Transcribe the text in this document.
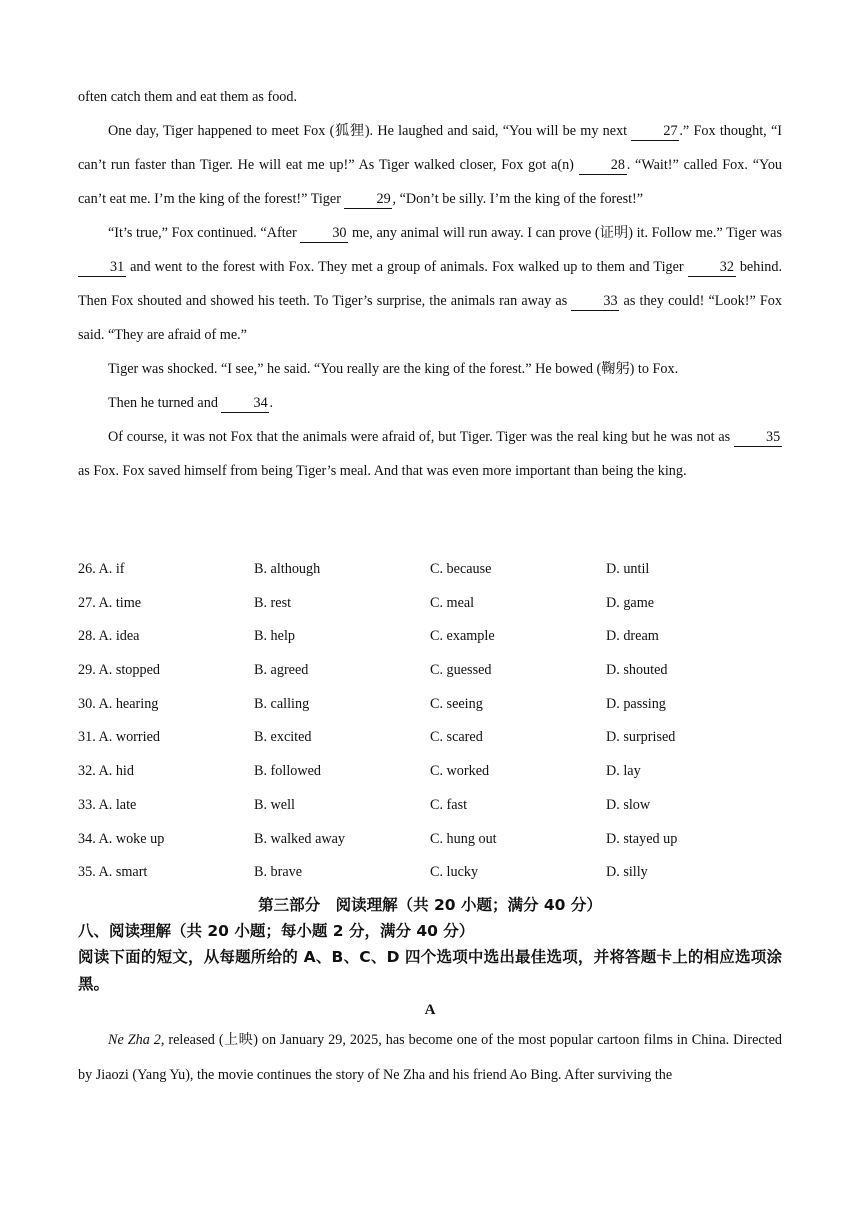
often catch them and eat them as food.

One day, Tiger happened to meet Fox (狐狸). He laughed and said, “You will be my next 27 .” Fox thought, “I can’t run faster than Tiger. He will eat me up!” As Tiger walked closer, Fox got a(n) 28 . “Wait!” called Fox. “You can’t eat me. I’m the king of the forest!” Tiger 29 , “Don’t be silly. I’m the king of the forest!”

“It’s true,” Fox continued. “After 30 me, any animal will run away. I can prove (证明) it. Follow me.” Tiger was 31 and went to the forest with Fox. They met a group of animals. Fox walked up to them and Tiger 32 behind. Then Fox shouted and showed his teeth. To Tiger’s surprise, the animals ran away as 33 as they could! “Look!” Fox said. “They are afraid of me.”

Tiger was shocked. “I see,” he said. “You really are the king of the forest.” He bowed (鞠躬) to Fox.

Then he turned and 34 .

Of course, it was not Fox that the animals were afraid of, but Tiger. Tiger was the real king but he was not as 35 as Fox. Fox saved himself from being Tiger’s meal. And that was even more important than being the king.

26. A. if	B. although	C. because	D. until
27. A. time	B. rest	C. meal	D. game
28. A. idea	B. help	C. example	D. dream
29. A. stopped	B. agreed	C. guessed	D. shouted
30. A. hearing	B. calling	C. seeing	D. passing
31. A. worried	B. excited	C. scared	D. surprised
32. A. hid	B. followed	C. worked	D. lay
33. A. late	B. well	C. fast	D. slow
34. A. woke up	B. walked away	C. hung out	D. stayed up
35. A. smart	B. brave	C. lucky	D. silly
第三部分　阅读理解（共 20 小题；满分 40 分）
八、阅读理解（共 20 小题；每小题 2 分，满分 40 分）
阅读下面的短文，从每题所给的 A、B、C、D 四个选项中选出最佳选项，并将答题卡上的相应选项涂黑。
A

Ne Zha 2, released (上映) on January 29, 2025, has become one of the most popular cartoon films in China. Directed by Jiaozi (Yang Yu), the movie continues the story of Ne Zha and his friend Ao Bing. After surviving the
